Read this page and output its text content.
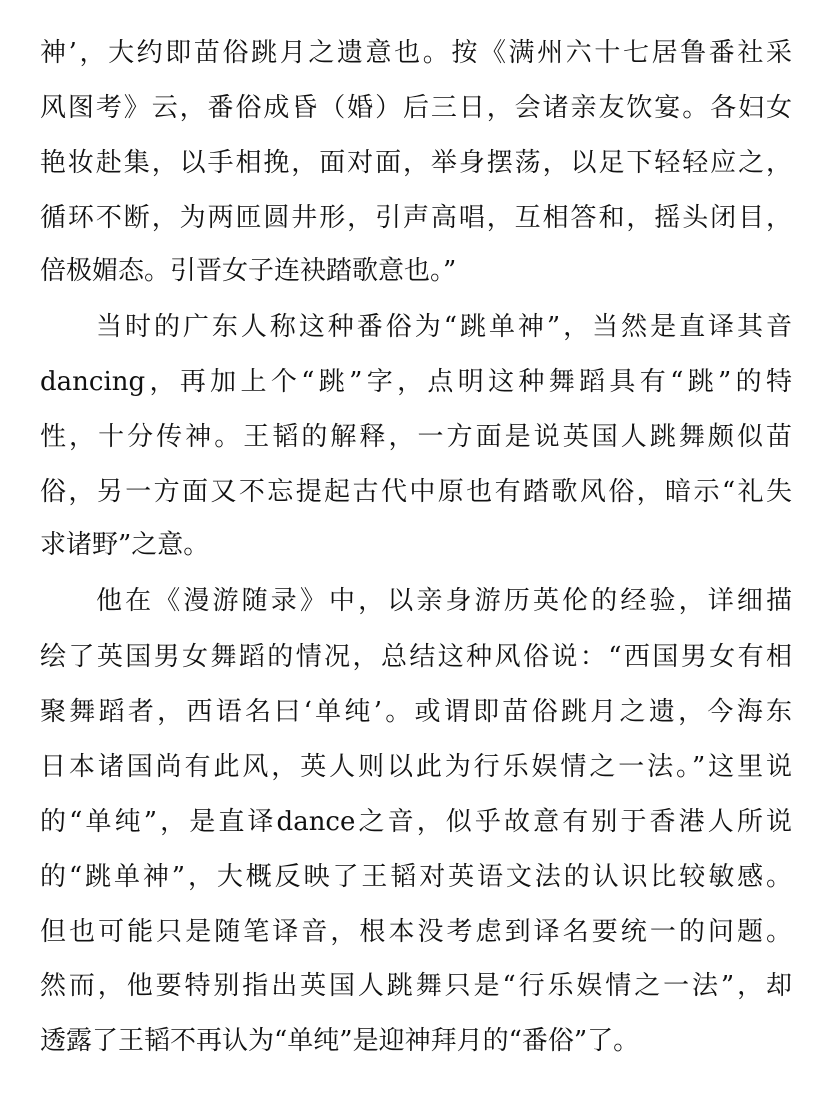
神’，大约即苗俗跳月之遗意也。按《满州六十七居鲁番社采
风图考》云，番俗成昏（婚）后三日，会诸亲友饮宴。各妇女
艳妆赴集，以手相挽，面对面，举身摆荡，以足下轻轻应之，
循环不断，为两匝圆井形，引声高唱，互相答和，摇头闭目，
倍极媚态。引晋女子连袂踏歌意也。”
当时的广东人称这种番俗为“跳单神”，当然是直译其音
dancing，再加上个“跳”字，点明这种舞蹈具有“跳”的特
性，十分传神。王韬的解释，一方面是说英国人跳舞颇似苗
俗，另一方面又不忘提起古代中原也有踏歌风俗，暗示“礼失
求诸野”之意。
他在《漫游随录》中，以亲身游历英伦的经验，详细描
绘了英国男女舞蹈的情况，总结这种风俗说：“西国男女有相
聚舞蹈者，西语名曰‘单纯’。或谓即苗俗跳月之遗，今海东
日本诸国尚有此风，英人则以此为行乐娱情之一法。”这里说
的“单纯”，是直译dance之音，似乎故意有别于香港人所说
的“跳单神”，大概反映了王韬对英语文法的认识比较敏感。
但也可能只是随笔译音，根本没考虑到译名要统一的问题。
然而，他要特别指出英国人跳舞只是“行乐娱情之一法”，却
透露了王韬不再认为“单纯”是迎神拜月的“番俗”了。
